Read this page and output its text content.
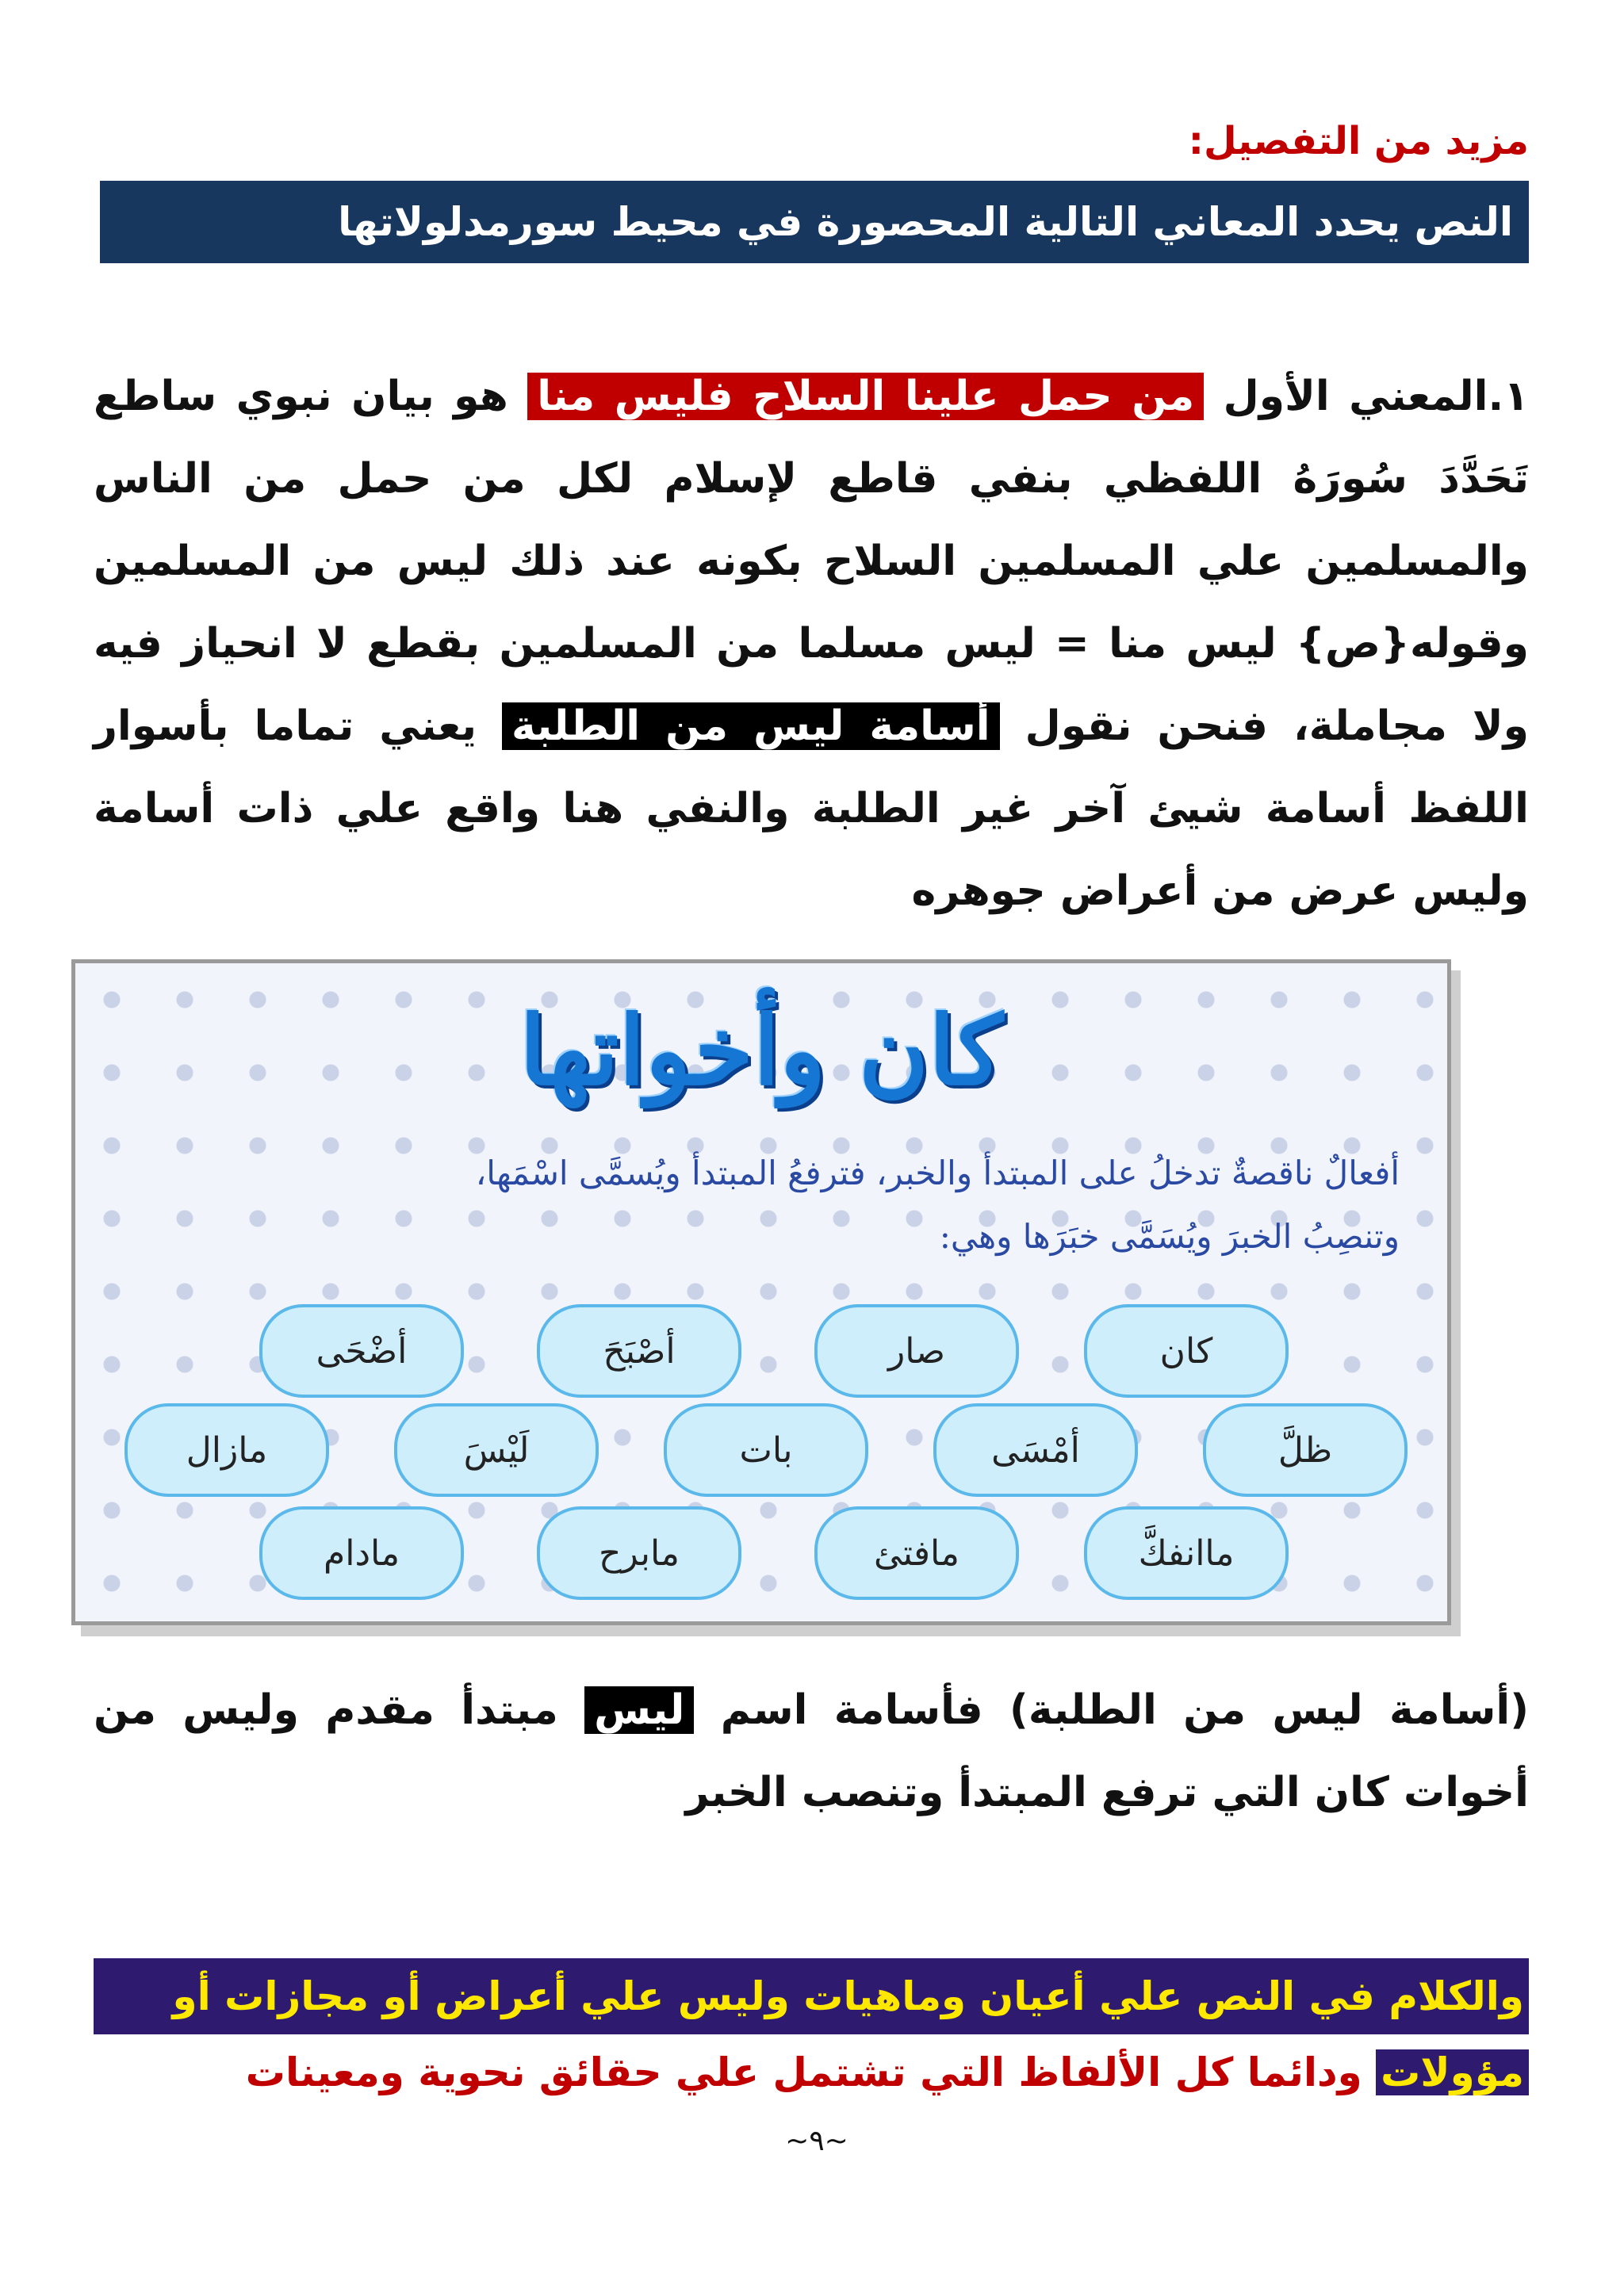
مزيد من التفصيل:
النص يحدد المعاني التالية المحصورة في محيط سورمدلولاتها
١.المعني الأول من حمل علينا السلاح فليس منا هو بيان نبوي ساطع تَحَدَّدَ سُورَهُ اللفظي بنفي قاطع لإسلام لكل من حمل من الناس والمسلمين علي المسلمين السلاح بكونه عند ذلك ليس من المسلمين وقوله{ص} ليس منا = ليس مسلما من المسلمين بقطع لا انحياز فيه ولا مجاملة، فنحن نقول أسامة ليس من الطلبة يعني تماما بأسوار اللفظ أسامة شيئ آخر غير الطلبة والنفي هنا واقع علي ذات أسامة وليس عرض من أعراض جوهره
كان وأخواتها
أفعالٌ ناقصةٌ تدخلُ على المبتدأ والخبر، فترفعُ المبتدأ ويُسمَّى اسْمَها،
وتنصِبُ الخبرَ ويُسَمَّى خبَرَها وهي:
كان
صار
أصْبَحَ
أضْحَى
ظلَّ
أمْسَى
بات
لَيْسَ
مازال
ماانفكَّ
مافتئ
مابرح
مادام
(أسامة ليس من الطلبة) فأسامة اسم ليس مبتدأ مقدم وليس من أخوات كان التي ترفع المبتدأ وتنصب الخبر
والكلام في النص علي أعيان وماهيات وليس علي أعراض أو مجازات أو
مؤولات ودائما كل الألفاظ التي تشتمل علي حقائق نحوية ومعينات
~٩~
